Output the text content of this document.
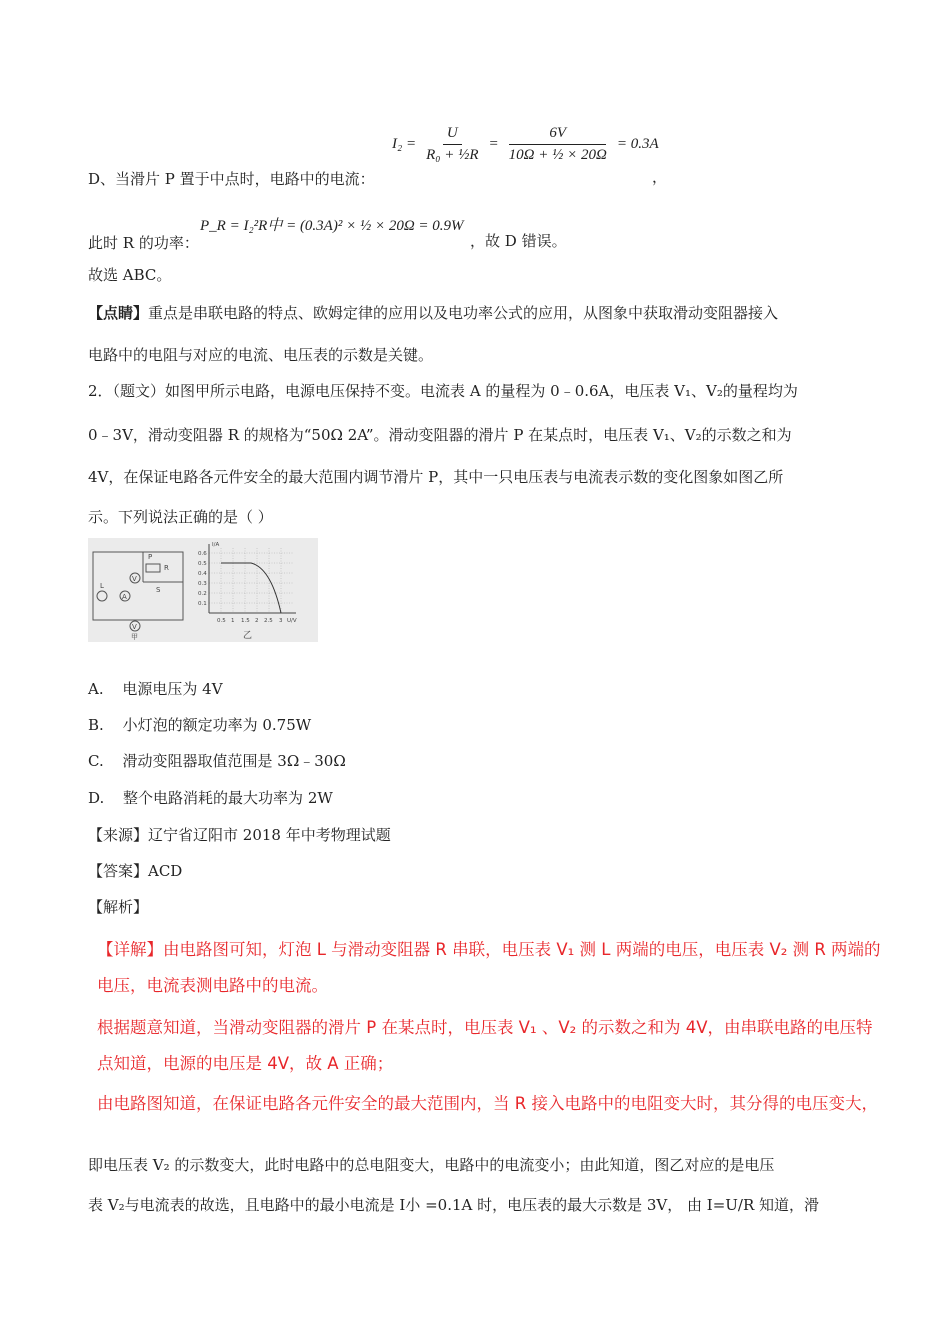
$I_2 = \frac{U}{\text{R₀ + ½R}} = \frac{6V}{\text{10Ω + ½ × 20Ω}} = 0.3A$
D、当滑片 P 置于中点时，电路中的电流：	，
此时 R 的功率：
P_R = I₂²R中 = (0.3A)² × ½ × 20Ω = 0.9W
，故 D 错误。
故选 ABC。
【点睛】重点是串联电路的特点、欧姆定律的应用以及电功率公式的应用，从图象中获取滑动变阻器接入
电路中的电阻与对应的电流、电压表的示数是关键。
2．（题文）如图甲所示电路，电源电压保持不变。电流表 A 的量程为 0﹣0.6A，电压表 V₁、V₂的量程均为
0﹣3V，滑动变阻器 R 的规格为“50Ω 2A”。滑动变阻器的滑片 P 在某点时，电压表 V₁、V₂的示数之和为
4V，在保证电路各元件安全的最大范围内调节滑片 P，其中一只电压表与电流表示数的变化图象如图乙所
示。下列说法正确的是（ ）
P
R
V
L
A
S
V
甲
I/A
U/V
0.6
0.5
0.4
0.3
0.2
0.1
0.5 1 1.5 2 2.5 3
乙
A. 电源电压为 4V
B. 小灯泡的额定功率为 0.75W
C. 滑动变阻器取值范围是 3Ω﹣30Ω
D. 整个电路消耗的最大功率为 2W
【来源】辽宁省辽阳市 2018 年中考物理试题
【答案】ACD
【解析】
【详解】由电路图可知，灯泡 L 与滑动变阻器 R 串联，电压表 V₁ 测 L 两端的电压，电压表 V₂ 测 R 两端的
电压，电流表测电路中的电流。
根据题意知道，当滑动变阻器的滑片 P 在某点时，电压表 V₁ 、V₂ 的示数之和为 4V，由串联电路的电压特
点知道，电源的电压是 4V，故 A 正确；
由电路图知道，在保证电路各元件安全的最大范围内，当 R 接入电路中的电阻变大时，其分得的电压变大，
即电压表 V₂ 的示数变大，此时电路中的总电阻变大，电路中的电流变小；由此知道，图乙对应的是电压
表 V₂与电流表的故选，且电路中的最小电流是 I小 =0.1A 时，电压表的最大示数是 3V， 由 I=U/R 知道，滑
